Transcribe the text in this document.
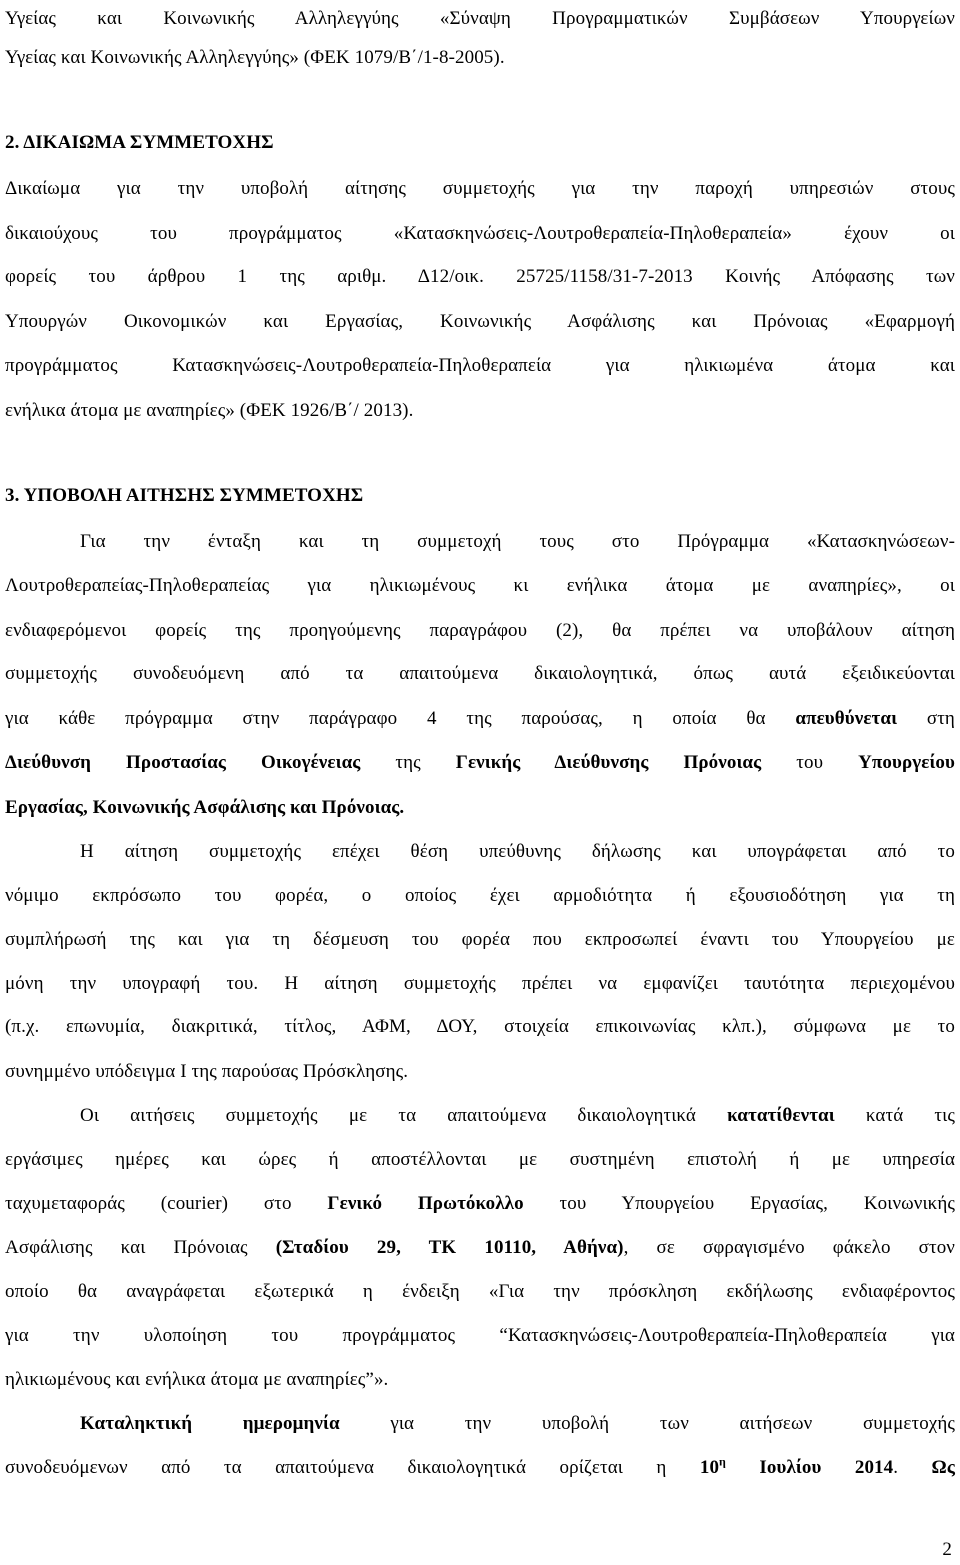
Υγείας και Κοινωνικής Αλληλεγγύης «Σύναψη Προγραμματικών Συμβάσεων Υπουργείων
Υγείας και Κοινωνικής Αλληλεγγύης» (ΦΕΚ 1079/Β΄/1-8-2005).
2. ΔΙΚΑΙΩΜΑ ΣΥΜΜΕΤΟΧΗΣ
Δικαίωμα για την υποβολή αίτησης συμμετοχής για την παροχή υπηρεσιών στους
δικαιούχους του προγράμματος «Κατασκηνώσεις-Λουτροθεραπεία-Πηλοθεραπεία» έχουν οι
φορείς του άρθρου 1 της αριθμ. Δ12/οικ. 25725/1158/31-7-2013 Κοινής Απόφασης των
Υπουργών Οικονομικών και Εργασίας, Κοινωνικής Ασφάλισης και Πρόνοιας «Εφαρμογή
προγράμματος Κατασκηνώσεις-Λουτροθεραπεία-Πηλοθεραπεία για ηλικιωμένα άτομα και
ενήλικα άτομα με αναπηρίες» (ΦΕΚ 1926/Β΄/ 2013).
3. ΥΠΟΒΟΛΗ ΑΙΤΗΣΗΣ ΣΥΜΜΕΤΟΧΗΣ
Για την ένταξη και τη συμμετοχή τους στο Πρόγραμμα «Κατασκηνώσεων-
Λουτροθεραπείας-Πηλοθεραπείας για ηλικιωμένους κι ενήλικα άτομα με αναπηρίες», οι
ενδιαφερόμενοι φορείς της προηγούμενης παραγράφου (2), θα πρέπει να υποβάλουν αίτηση
συμμετοχής συνοδευόμενη από τα απαιτούμενα δικαιολογητικά, όπως αυτά εξειδικεύονται
για κάθε πρόγραμμα στην παράγραφο 4 της παρούσας, η οποία θα απευθύνεται στη
Διεύθυνση Προστασίας Οικογένειας της Γενικής Διεύθυνσης Πρόνοιας του Υπουργείου
Εργασίας, Κοινωνικής Ασφάλισης και Πρόνοιας.
Η αίτηση συμμετοχής επέχει θέση υπεύθυνης δήλωσης και υπογράφεται από το
νόμιμο εκπρόσωπο του φορέα, ο οποίος έχει αρμοδιότητα ή εξουσιοδότηση για τη
συμπλήρωσή της και για τη δέσμευση του φορέα που εκπροσωπεί έναντι του Υπουργείου με
μόνη την υπογραφή του. Η αίτηση συμμετοχής πρέπει να εμφανίζει ταυτότητα περιεχομένου
(π.χ. επωνυμία, διακριτικά, τίτλος, ΑΦΜ, ΔΟΥ, στοιχεία επικοινωνίας κλπ.), σύμφωνα με το
συνημμένο υπόδειγμα Ι της παρούσας Πρόσκλησης.
Οι αιτήσεις συμμετοχής με τα απαιτούμενα δικαιολογητικά κατατίθενται κατά τις
εργάσιμες ημέρες και ώρες ή αποστέλλονται με συστημένη επιστολή ή με υπηρεσία
ταχυμεταφοράς (courier) στο Γενικό Πρωτόκολλο του Υπουργείου Εργασίας, Κοινωνικής
Ασφάλισης και Πρόνοιας (Σταδίου 29, ΤΚ 10110, Αθήνα), σε σφραγισμένο φάκελο στον
οποίο θα αναγράφεται εξωτερικά η ένδειξη «Για την πρόσκληση εκδήλωσης ενδιαφέροντος
για την υλοποίηση του προγράμματος “Κατασκηνώσεις-Λουτροθεραπεία-Πηλοθεραπεία για
ηλικιωμένους και ενήλικα άτομα με αναπηρίες”».
Καταληκτική ημερομηνία	για την υποβολή των αιτήσεων συμμετοχής
συνοδευόμενων από τα απαιτούμενα δικαιολογητικά ορίζεται η $10^\eta$ Ιουλίου 2014. Ως
2
